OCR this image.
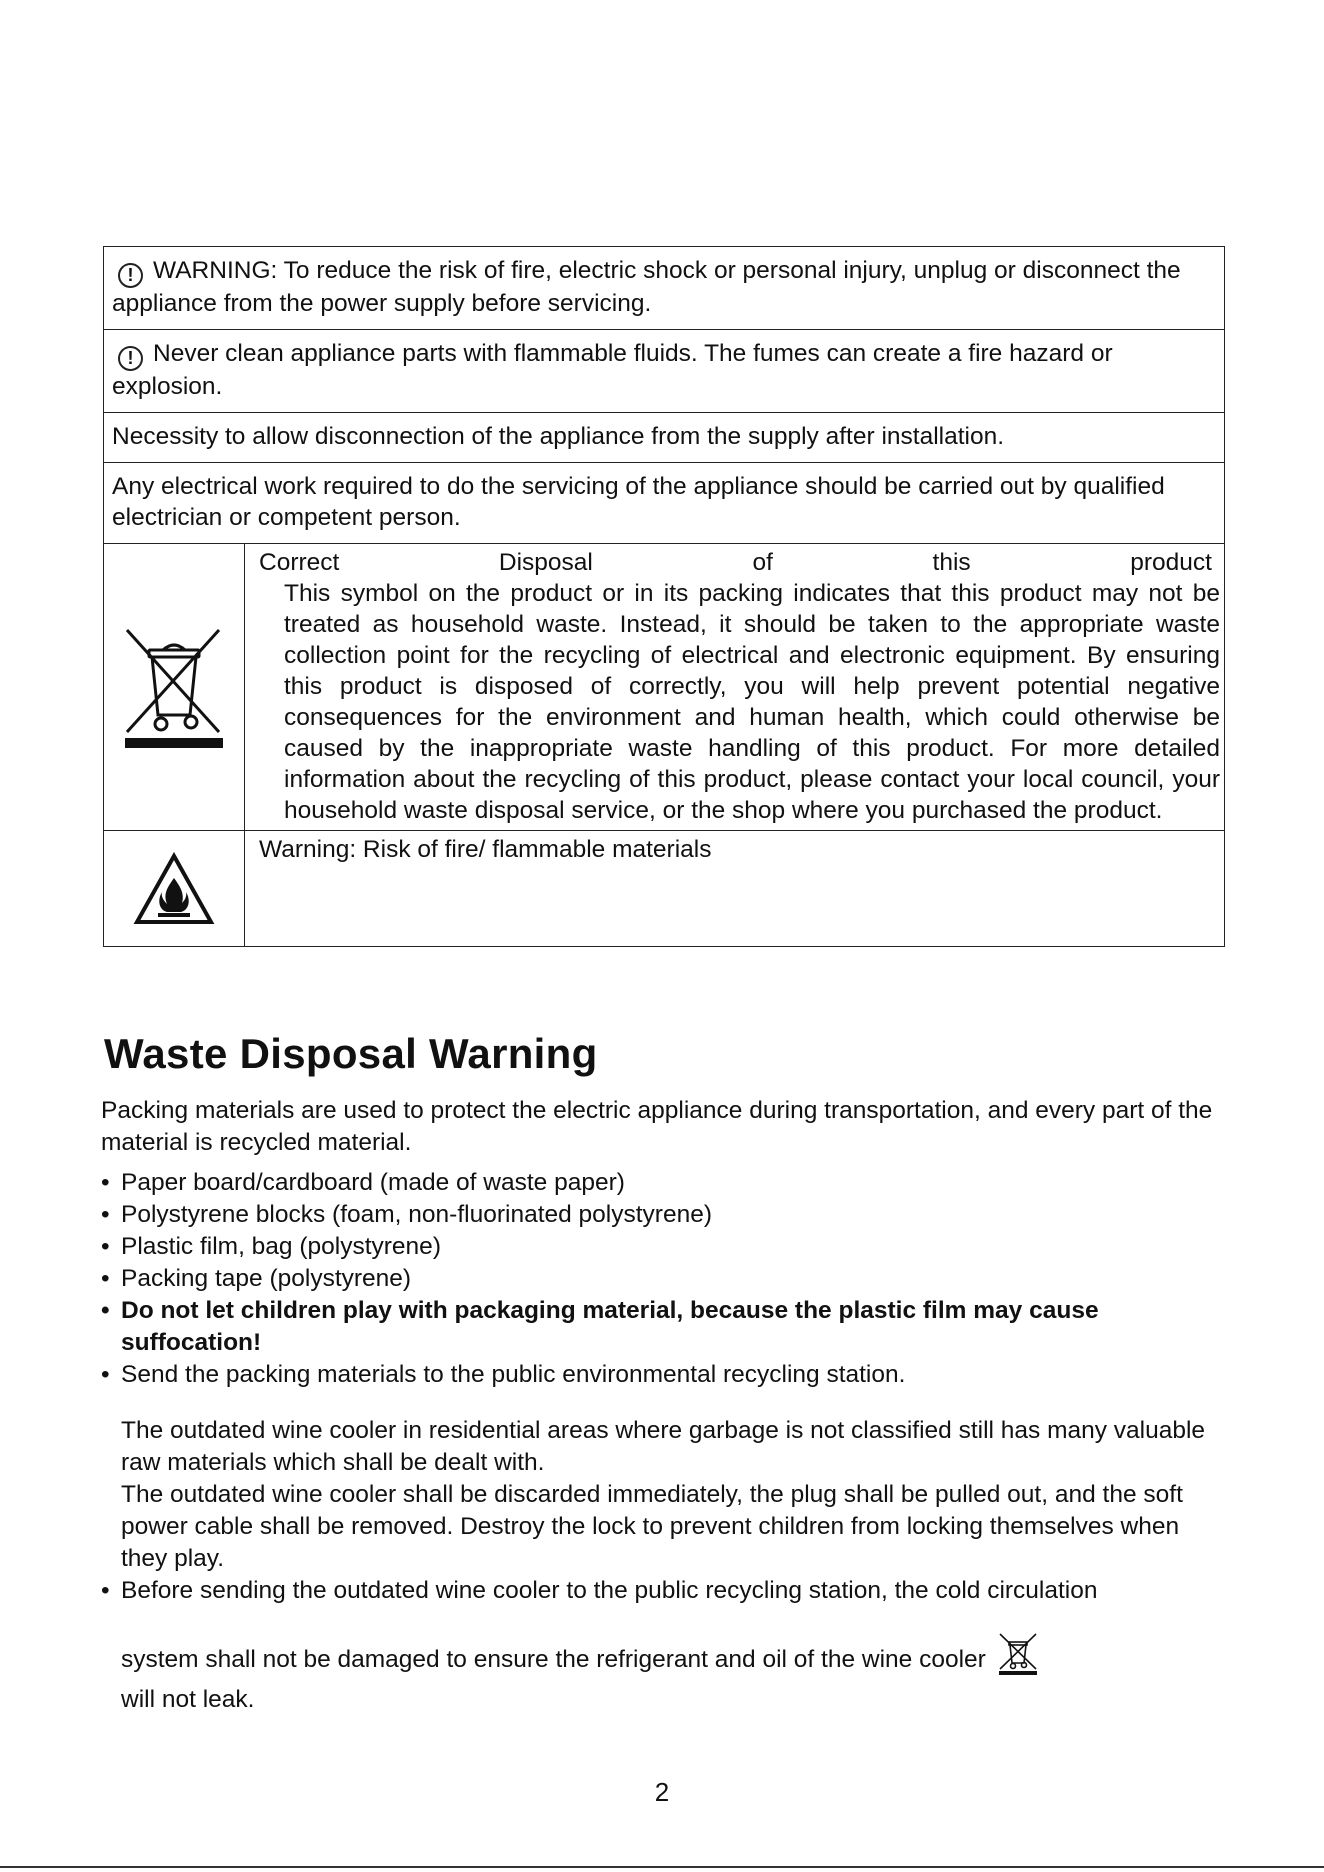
! WARNING: To reduce the risk of fire, electric shock or personal injury, unplug or disconnect the appliance from the power supply before servicing.
! Never clean appliance parts with flammable fluids. The fumes can create a fire hazard or explosion.
Necessity to allow disconnection of the appliance from the supply after installation.
Any electrical work required to do the servicing of the appliance should be carried out by qualified electrician or competent person.
Correct	Disposal	of	this	product
This symbol on the product or in its packing indicates that this product may not be treated as household waste. Instead, it should be taken to the appropriate waste collection point for the recycling of electrical and electronic equipment. By ensuring this product is disposed of correctly, you will help prevent potential negative consequences for the environment and human health, which could otherwise be caused by the inappropriate waste handling of this product. For more detailed information about the recycling of this product, please contact your local council, your household waste disposal service, or the shop where you purchased the product.
Warning: Risk of fire/ flammable materials
Waste Disposal Warning

Packing materials are used to protect the electric appliance during transportation, and every part of the material is recycled material.

• Paper board/cardboard (made of waste paper)
• Polystyrene blocks (foam, non-fluorinated polystyrene)
• Plastic film, bag (polystyrene)
• Packing tape (polystyrene)
• Do not let children play with packaging material, because the plastic film may cause suffocation!
• Send the packing materials to the public environmental recycling station.

The outdated wine cooler in residential areas where garbage is not classified still has many valuable raw materials which shall be dealt with.

The outdated wine cooler shall be discarded immediately, the plug shall be pulled out, and the soft power cable shall be removed. Destroy the lock to prevent children from locking themselves when they play.

• Before sending the outdated wine cooler to the public recycling station, the cold circulation
system shall not be damaged to ensure the refrigerant and oil of the wine cooler
will not leak.
2
